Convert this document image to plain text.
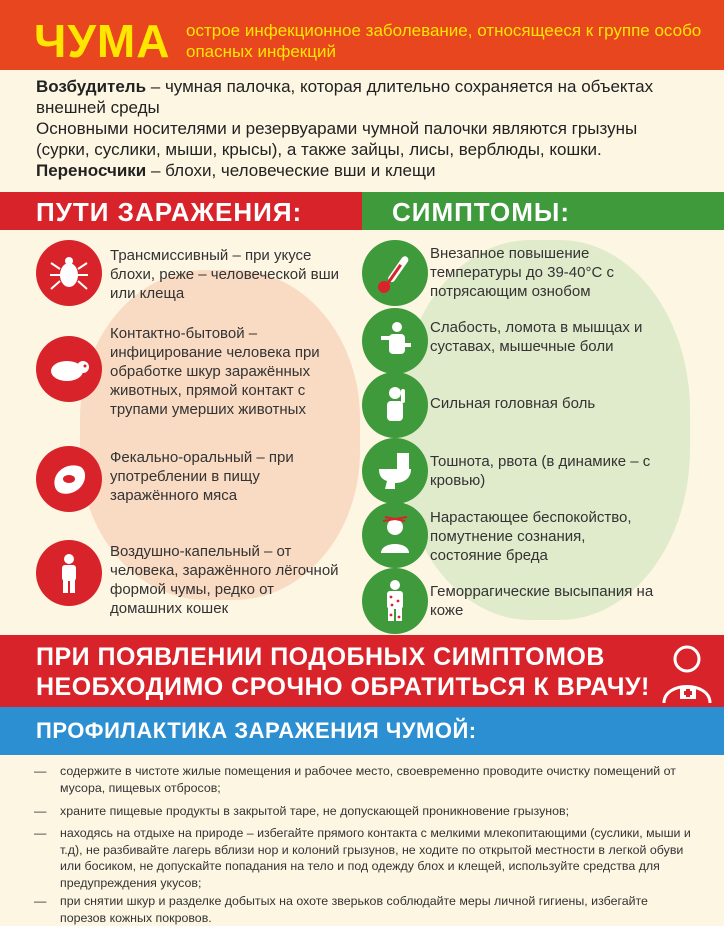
ЧУМА острое инфекционное заболевание, относящееся к группе особо опасных инфекций
Возбудитель – чумная палочка, которая длительно сохраняется на объектах внешней среды
Основными носителями и резервуарами чумной палочки являются грызуны (сурки, суслики, мыши, крысы), а также зайцы, лисы, верблюды, кошки.
Переносчики – блохи, человеческие вши и клещи
ПУТИ ЗАРАЖЕНИЯ:	СИМПТОМЫ:
Трансмиссивный – при укусе блохи, реже – человеческой вши или клеща
Контактно-бытовой – инфицирование человека при обработке шкур заражённых животных, прямой контакт с трупами умерших животных
Фекально-оральный – при употреблении в пищу заражённого мяса
Воздушно-капельный – от человека, заражённого лёгочной формой чумы, редко от домашних кошек
Внезапное повышение температуры до 39-40°С с потрясающим ознобом
Слабость, ломота в мышцах и суставах, мышечные боли
Сильная головная боль
Тошнота, рвота (в динамике – с кровью)
Нарастающее беспокойство, помутнение сознания, состояние бреда
Геморрагические высыпания на коже
ПРИ ПОЯВЛЕНИИ ПОДОБНЫХ СИМПТОМОВ
НЕОБХОДИМО СРОЧНО ОБРАТИТЬСЯ К ВРАЧУ!
ПРОФИЛАКТИКА ЗАРАЖЕНИЯ ЧУМОЙ:
—	содержите в чистоте жилые помещения и рабочее место, своевременно проводите очистку помещений от мусора, пищевых отбросов;
—	храните пищевые продукты в закрытой таре, не допускающей проникновение грызунов;
—	находясь на отдыхе на природе – избегайте прямого контакта с мелкими млекопитающими (суслики, мыши и т.д), не разбивайте лагерь вблизи нор и колоний грызунов, не ходите по открытой местности в легкой обуви или босиком, не допускайте попадания на тело и под одежду блох и клещей, используйте средства для предупреждения укусов;
—	при снятии шкур и разделке добытых на охоте зверьков соблюдайте меры личной гигиены, избегайте порезов кожных покровов.
